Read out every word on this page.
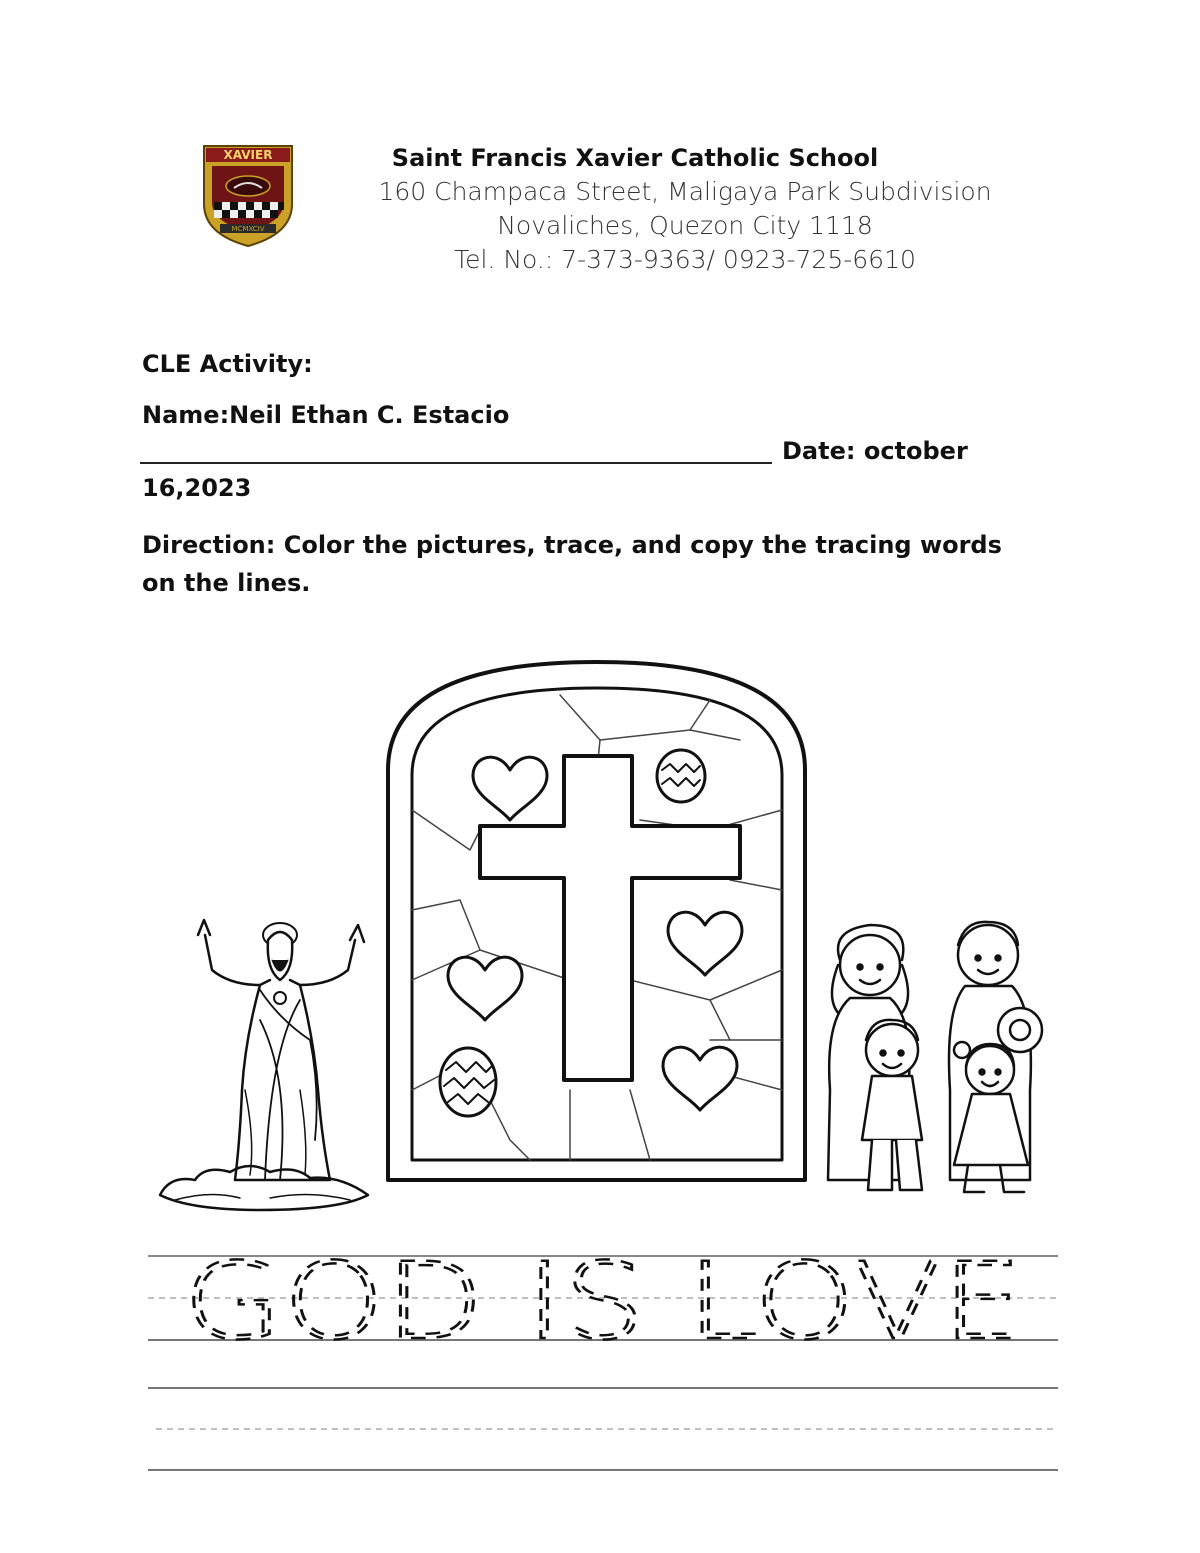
XAVIER
MCMXCIV
Saint Francis Xavier Catholic School
160 Champaca Street, Maligaya Park Subdivision
Novaliches, Quezon City 1118
Tel. No.: 7-373-9363/ 0923-725-6610
CLE Activity:
Name:Neil Ethan C. Estacio
Date: october
16,2023
Direction: Color the pictures, trace, and copy the tracing words on the lines.
GOD IS LOVE
